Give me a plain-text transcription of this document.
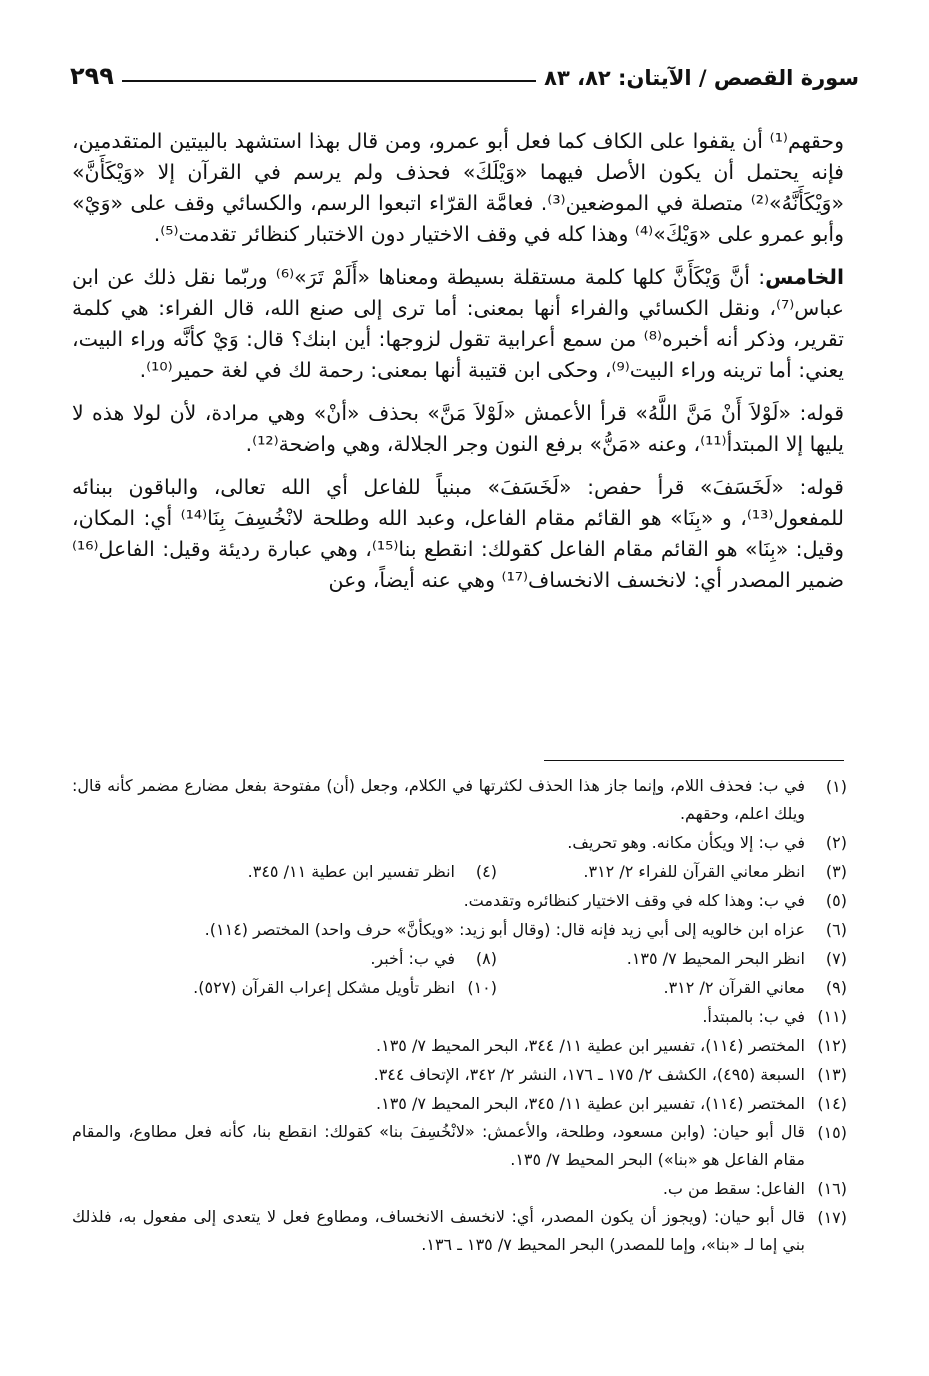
سورة القصص / الآيتان: ٨٢، ٨٣
٢٩٩

وحقهم⁽¹⁾ أن يقفوا على الكاف كما فعل أبو عمرو، ومن قال بهذا استشهد بالبيتين المتقدمين، فإنه يحتمل أن يكون الأصل فيهما «وَيْلَكَ» فحذف ولم يرسم في القرآن إلا «وَيْكَأَنَّ» «وَيْكَأَنَّهُ»⁽²⁾ متصلة في الموضعين⁽³⁾. فعامَّة القرّاء اتبعوا الرسم، والكسائي وقف على «وَيْ» وأبو عمرو على «وَيْكَ»⁽⁴⁾ وهذا كله في وقف الاختيار دون الاختبار كنظائر تقدمت⁽⁵⁾.

الخامس: أنَّ وَيْكَأَنَّ كلها كلمة مستقلة بسيطة ومعناها «أَلَمْ تَرَ»⁽⁶⁾ وربّما نقل ذلك عن ابن عباس⁽⁷⁾، ونقل الكسائي والفراء أنها بمعنى: أما ترى إلى صنع الله، قال الفراء: هي كلمة تقرير، وذكر أنه أخبره⁽⁸⁾ من سمع أعرابية تقول لزوجها: أين ابنك؟ قال: وَيْ كأنَّه وراء البيت، يعني: أما ترينه وراء البيت⁽⁹⁾، وحكى ابن قتيبة أنها بمعنى: رحمة لك في لغة حمير⁽¹⁰⁾.

قوله: «لَوْلاَ أَنْ مَنَّ اللَّهُ» قرأ الأعمش «لَوْلاَ مَنَّ» بحذف «أنْ» وهي مرادة، لأن لولا هذه لا يليها إلا المبتدأ⁽¹¹⁾، وعنه «مَنُّ» برفع النون وجر الجلالة، وهي واضحة⁽¹²⁾.

قوله: «لَخَسَفَ» قرأ حفص: «لَخَسَفَ» مبنياً للفاعل أي الله تعالى، والباقون ببنائه للمفعول⁽¹³⁾، و «بِنَا» هو القائم مقام الفاعل، وعبد الله وطلحة لانْخُسِفَ بِنَا⁽¹⁴⁾ أي: المكان، وقيل: «بِنَا» هو القائم مقام الفاعل كقولك: انقطع بنا⁽¹⁵⁾، وهي عبارة رديئة وقيل: الفاعل⁽¹⁶⁾ ضمير المصدر أي: لانخسف الانخساف⁽¹⁷⁾ وهي عنه أيضاً، وعن

(١)
في ب: فحذف اللام، وإنما جاز هذا الحذف لكثرتها في الكلام، وجعل (أن) مفتوحة بفعل مضارع مضمر كأنه قال: ويلك اعلم، وحقهم.

(٢)
في ب: إلا ويكأن مكانه. وهو تحريف.

(٣)
انظر معاني القرآن للفراء ٢/ ٣١٢.
(٤)
انظر تفسير ابن عطية ١١/ ٣٤٥.

(٥)
في ب: وهذا كله في وقف الاختيار كنظائره وتقدمت.

(٦)
عزاه ابن خالويه إلى أبي زيد فإنه قال: (وقال أبو زيد: «ويكأنَّ» حرف واحد) المختصر (١١٤).

(٧)
انظر البحر المحيط ٧/ ١٣٥.
(٨)
في ب: أخبر.
(٩)
معاني القرآن ٢/ ٣١٢.
(١٠)
انظر تأويل مشكل إعراب القرآن (٥٢٧).

(١١)
في ب: بالمبتدأ.

(١٢)
المختصر (١١٤)، تفسير ابن عطية ١١/ ٣٤٤، البحر المحيط ٧/ ١٣٥.

(١٣)
السبعة (٤٩٥)، الكشف ٢/ ١٧٥ ـ ١٧٦، النشر ٢/ ٣٤٢، الإتحاف ٣٤٤.

(١٤)
المختصر (١١٤)، تفسير ابن عطية ١١/ ٣٤٥، البحر المحيط ٧/ ١٣٥.

(١٥)
قال أبو حيان: (وابن مسعود، وطلحة، والأعمش: «لانْخُسِفَ بنا» كقولك: انقطع بنا، كأنه فعل مطاوع، والمقام مقام الفاعل هو «بنا») البحر المحيط ٧/ ١٣٥.

(١٦)
الفاعل: سقط من ب.

(١٧)
قال أبو حيان: (ويجوز أن يكون المصدر، أي: لانخسف الانخساف، ومطاوع فعل لا يتعدى إلى مفعول به، فلذلك بني إما لـ «بنا»، وإما للمصدر) البحر المحيط ٧/ ١٣٥ ـ ١٣٦.
